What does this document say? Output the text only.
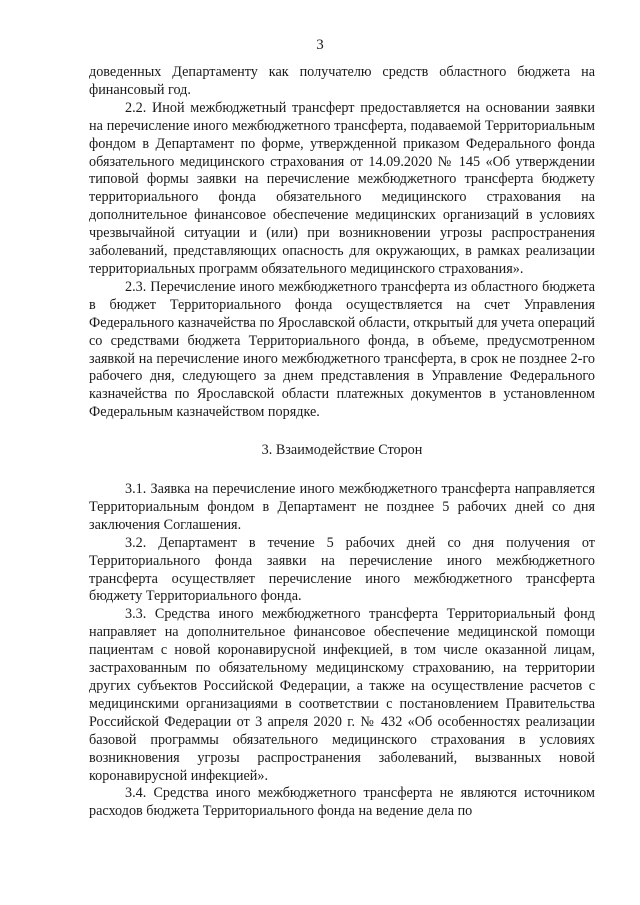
3

доведенных Департаменту как получателю средств областного бюджета на финансовый год.

2.2. Иной межбюджетный трансферт предоставляется на основании заявки на перечисление иного межбюджетного трансферта, подаваемой Территориальным фондом в Департамент по форме, утвержденной приказом Федерального фонда обязательного медицинского страхования от 14.09.2020 № 145 «Об утверждении типовой формы заявки на перечисление межбюджетного трансферта бюджету территориального фонда обязательного медицинского страхования на дополнительное финансовое обеспечение медицинских организаций в условиях чрезвычайной ситуации и (или) при возникновении угрозы распространения заболеваний, представляющих опасность для окружающих, в рамках реализации территориальных программ обязательного медицинского страхования».

2.3. Перечисление иного межбюджетного трансферта из областного бюджета в бюджет Территориального фонда осуществляется на счет Управления Федерального казначейства по Ярославской области, открытый для учета операций со средствами бюджета Территориального фонда, в объеме, предусмотренном заявкой на перечисление иного межбюджетного трансферта, в срок не позднее 2-го рабочего дня, следующего за днем представления в Управление Федерального казначейства по Ярославской области платежных документов в установленном Федеральным казначейством порядке.

3. Взаимодействие Сторон

3.1. Заявка на перечисление иного межбюджетного трансферта направляется Территориальным фондом в Департамент не позднее 5 рабочих дней со дня заключения Соглашения.

3.2. Департамент в течение 5 рабочих дней со дня получения от Территориального фонда заявки на перечисление иного межбюджетного трансферта осуществляет перечисление иного межбюджетного трансферта бюджету Территориального фонда.

3.3. Средства иного межбюджетного трансферта Территориальный фонд направляет на дополнительное финансовое обеспечение медицинской помощи пациентам с новой коронавирусной инфекцией, в том числе оказанной лицам, застрахованным по обязательному медицинскому страхованию, на территории других субъектов Российской Федерации, а также на осуществление расчетов с медицинскими организациями в соответствии с постановлением Правительства Российской Федерации от 3 апреля 2020 г. № 432 «Об особенностях реализации базовой программы обязательного медицинского страхования в условиях возникновения угрозы распространения заболеваний, вызванных новой коронавирусной инфекцией».

3.4. Средства иного межбюджетного трансферта не являются источником расходов бюджета Территориального фонда на ведение дела по
